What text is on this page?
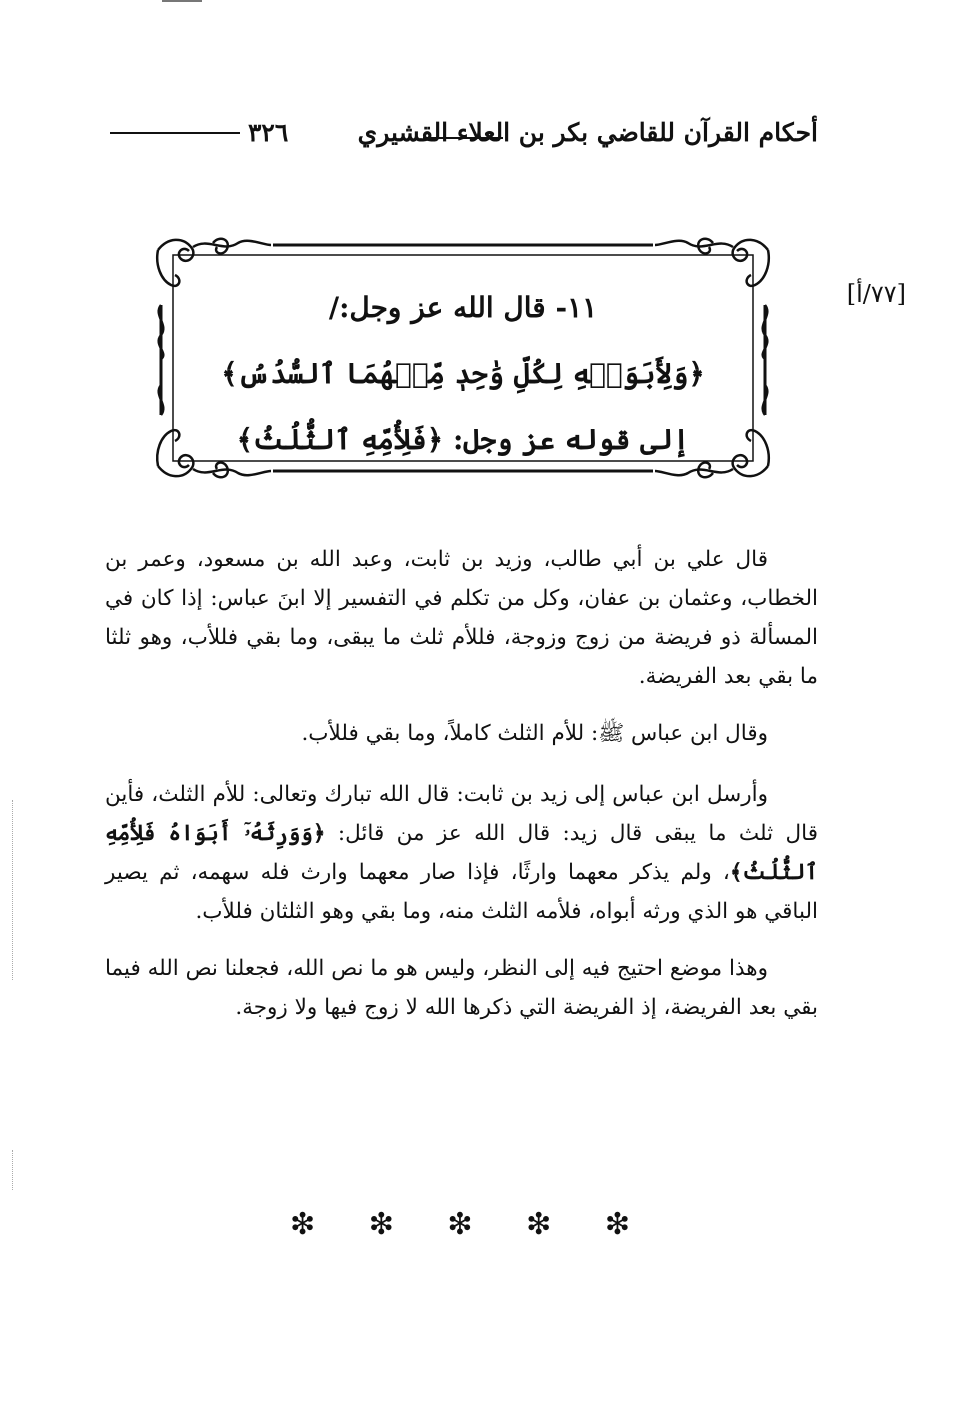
٣٢٦	أحكام القرآن للقاضي بكر بن العلاء القشيري
[٧٧/أ]
١١- قال الله عز وجل:/
﴿وَلِأَبَوَيۡهِ لِكُلِّ وَٰحِدٖ مِّنۡهُمَا ٱلسُّدُسُ﴾
إلى قوله عز وجل: ﴿فَلِأُمِّهِ ٱلثُّلُثُ﴾

قال علي بن أبي طالب، وزيد بن ثابت، وعبد الله بن مسعود، وعمر بن الخطاب، وعثمان بن عفان، وكل من تكلم في التفسير إلا ابنَ عباس: إذا كان في المسألة ذو فريضة من زوج وزوجة، فللأم ثلث ما يبقى، وما بقي فللأب، وهو ثلثا ما بقي بعد الفريضة.

وقال ابن عباس ﷺ: للأم الثلث كاملاً، وما بقي فللأب.

وأرسل ابن عباس إلى زيد بن ثابت: قال الله تبارك وتعالى: للأم الثلث، فأين قال ثلث ما يبقى قال زيد: قال الله عز من قائل: ﴿وَوَرِثَهُۥٓ أَبَوَاهُ فَلِأُمِّهِ ٱلثُّلُثُ﴾، ولم يذكر معهما وارثًا، فإذا صار معهما وارث فله سهمه، ثم يصير الباقي هو الذي ورثه أبواه، فلأمه الثلث منه، وما بقي وهو الثلثان فللأب.

وهذا موضع احتيج فيه إلى النظر، وليس هو ما نص الله، فجعلنا نص الله فيما بقي بعد الفريضة، إذ الفريضة التي ذكرها الله لا زوج فيها ولا زوجة.

❇ ❇ ❇ ❇ ❇
